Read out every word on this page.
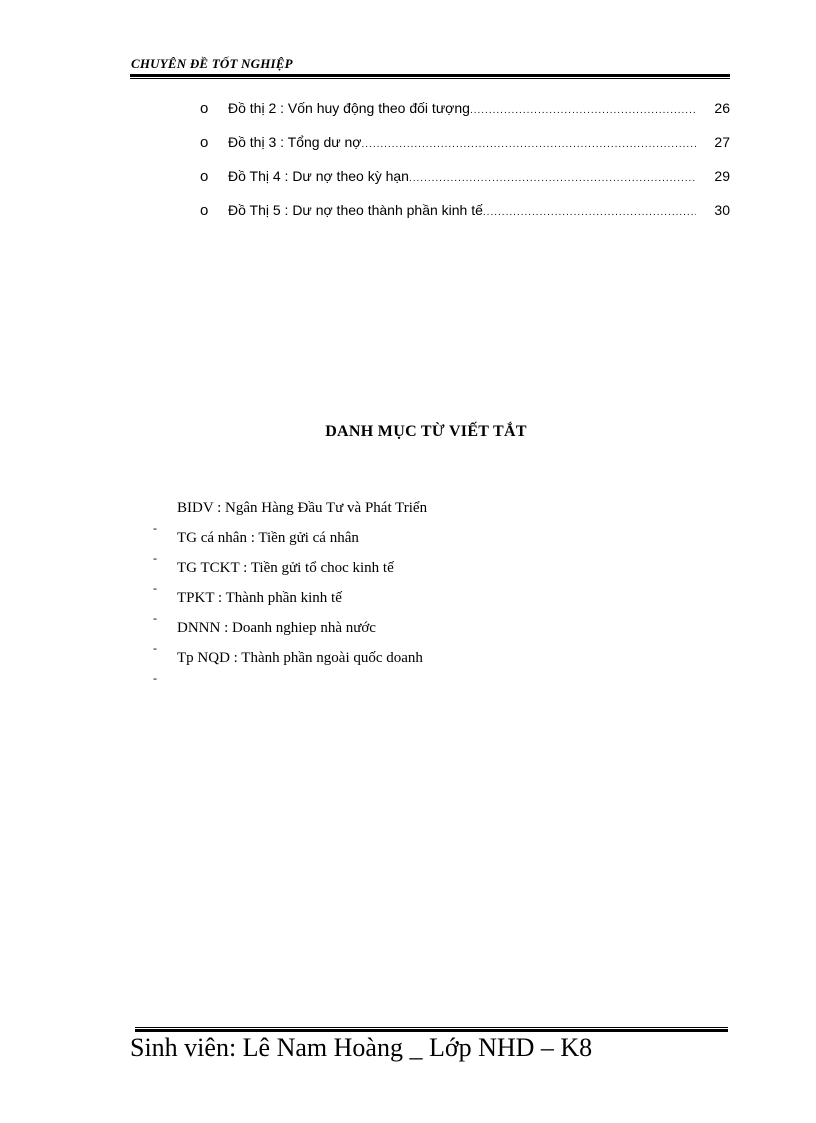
CHUYÊN ĐỀ TỐT NGHIỆP
o	Đồ thị 2 : Vốn huy động theo đối tượng .....	26
o	Đồ thị 3 : Tổng dư nợ .....	27
o	Đồ Thị 4 : Dư nợ theo kỳ hạn .....	29
o	Đồ Thị 5 : Dư nợ theo thành phần kinh tế .....	30
DANH MỤC TỪ VIẾT TẮT
-
BIDV : Ngân Hàng Đầu Tư và Phát Triển
-
TG cá nhân : Tiền gửi cá nhân
-
TG TCKT : Tiền gửi tổ choc kinh tế
-
TPKT : Thành phần kinh tế
-
DNNN : Doanh nghiep nhà nước
-
Tp NQD : Thành phần ngoài quốc doanh
Sinh viên: Lê Nam Hoàng _ Lớp NHD – K8
